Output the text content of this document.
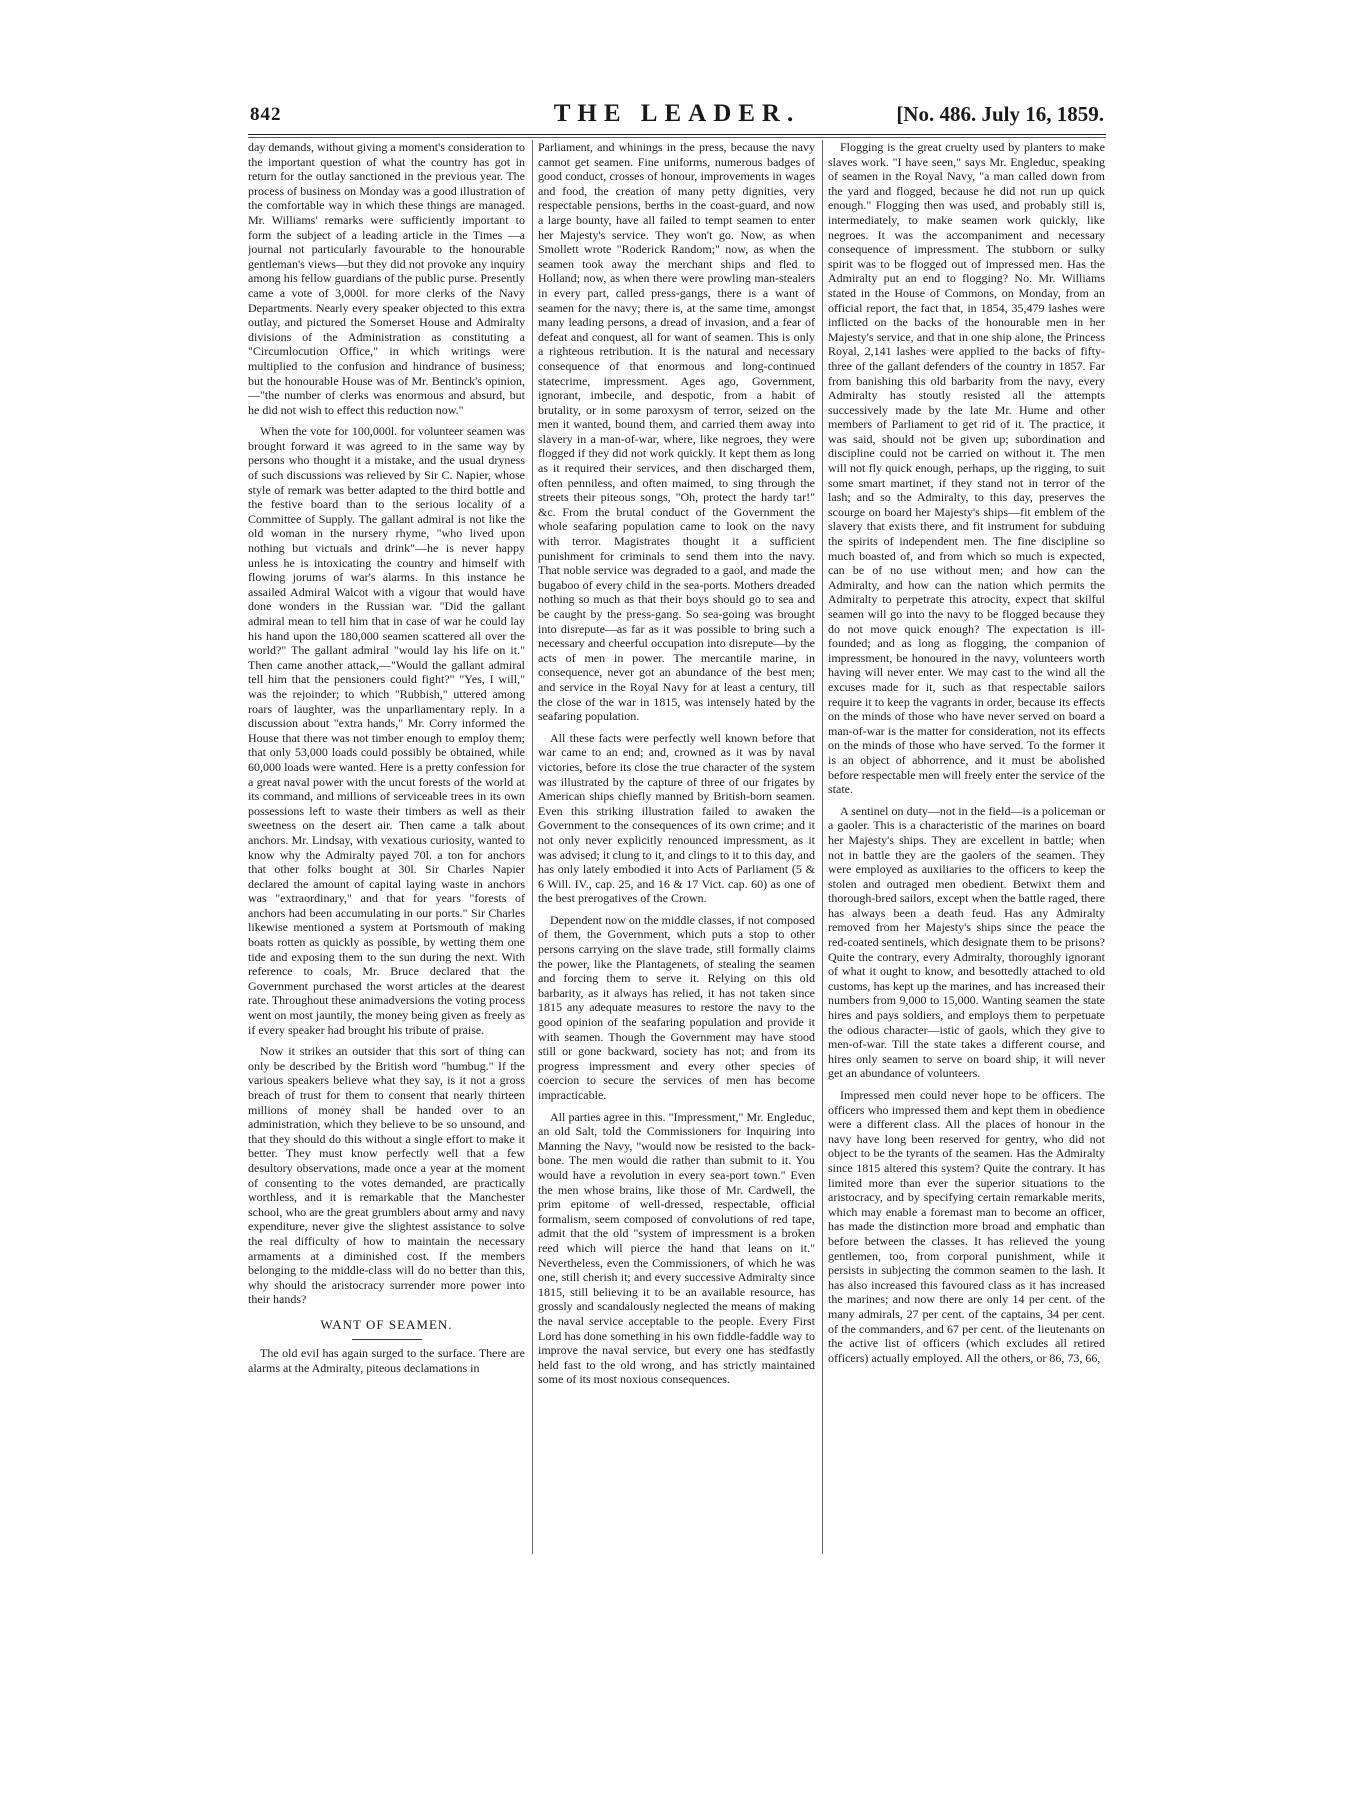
842	THE LEADER.	[No. 486. July 16, 1859.

day demands, without giving a moment's consideration to the important question of what the country has got in return for the outlay sanctioned in the previous year. The process of business on Monday was a good illustration of the comfortable way in which these things are managed. Mr. Williams' remarks were sufficiently important to form the subject of a leading article in the Times —a journal not particularly favourable to the honourable gentleman's views—but they did not provoke any inquiry among his fellow guardians of the public purse. Presently came a vote of 3,000l. for more clerks of the Navy Departments. Nearly every speaker objected to this extra outlay, and pictured the Somerset House and Admiralty divisions of the Administration as constituting a "Circumlocution Office," in which writings were multiplied to the confusion and hindrance of business; but the honourable House was of Mr. Bentinck's opinion,—"the number of clerks was enormous and absurd, but he did not wish to effect this reduction now."

When the vote for 100,000l. for volunteer seamen was brought forward it was agreed to in the same way by persons who thought it a mistake, and the usual dryness of such discussions was relieved by Sir C. Napier, whose style of remark was better adapted to the third bottle and the festive board than to the serious locality of a Committee of Supply. The gallant admiral is not like the old woman in the nursery rhyme, "who lived upon nothing but victuals and drink"—he is never happy unless he is intoxicating the country and himself with flowing jorums of war's alarms. In this instance he assailed Admiral Walcot with a vigour that would have done wonders in the Russian war. "Did the gallant admiral mean to tell him that in case of war he could lay his hand upon the 180,000 seamen scattered all over the world?" The gallant admiral "would lay his life on it." Then came another attack,—"Would the gallant admiral tell him that the pensioners could fight?" "Yes, I will," was the rejoinder; to which "Rubbish," uttered among roars of laughter, was the unparliamentary reply. In a discussion about "extra hands," Mr. Corry informed the House that there was not timber enough to employ them; that only 53,000 loads could possibly be obtained, while 60,000 loads were wanted. Here is a pretty confession for a great naval power with the uncut forests of the world at its command, and millions of serviceable trees in its own possessions left to waste their timbers as well as their sweetness on the desert air. Then came a talk about anchors. Mr. Lindsay, with vexatious curiosity, wanted to know why the Admiralty payed 70l. a ton for anchors that other folks bought at 30l. Sir Charles Napier declared the amount of capital laying waste in anchors was "extraordinary," and that for years "forests of anchors had been accumulating in our ports." Sir Charles likewise mentioned a system at Portsmouth of making boats rotten as quickly as possible, by wetting them one tide and exposing them to the sun during the next. With reference to coals, Mr. Bruce declared that the Government purchased the worst articles at the dearest rate. Throughout these animadversions the voting process went on most jauntily, the money being given as freely as if every speaker had brought his tribute of praise.

Now it strikes an outsider that this sort of thing can only be described by the British word "humbug." If the various speakers believe what they say, is it not a gross breach of trust for them to consent that nearly thirteen millions of money shall be handed over to an administration, which they believe to be so unsound, and that they should do this without a single effort to make it better. They must know perfectly well that a few desultory observations, made once a year at the moment of consenting to the votes demanded, are practically worthless, and it is remarkable that the Manchester school, who are the great grumblers about army and navy expenditure, never give the slightest assistance to solve the real difficulty of how to maintain the necessary armaments at a diminished cost. If the members belonging to the middle-class will do no better than this, why should the aristocracy surrender more power into their hands?

WANT OF SEAMEN.

The old evil has again surged to the surface. There are alarms at the Admiralty, piteous declamations in

Parliament, and whinings in the press, because the navy cannot get seamen. Fine uniforms, numerous badges of good conduct, crosses of honour, improvements in wages and food, the creation of many petty dignities, very respectable pensions, berths in the coast-guard, and now a large bounty, have all failed to tempt seamen to enter her Majesty's service. They won't go. Now, as when Smollett wrote "Roderick Random;" now, as when the seamen took away the merchant ships and fled to Holland; now, as when there were prowling man-stealers in every part, called press-gangs, there is a want of seamen for the navy; there is, at the same time, amongst many leading persons, a dread of invasion, and a fear of defeat and conquest, all for want of seamen. This is only a righteous retribution. It is the natural and necessary consequence of that enormous and long-continued statecrime, impressment. Ages ago, Government, ignorant, imbecile, and despotic, from a habit of brutality, or in some paroxysm of terror, seized on the men it wanted, bound them, and carried them away into slavery in a man-of-war, where, like negroes, they were flogged if they did not work quickly. It kept them as long as it required their services, and then discharged them, often penniless, and often maimed, to sing through the streets their piteous songs, "Oh, protect the hardy tar!" &c. From the brutal conduct of the Government the whole seafaring population came to look on the navy with terror. Magistrates thought it a sufficient punishment for criminals to send them into the navy. That noble service was degraded to a gaol, and made the bugaboo of every child in the sea-ports. Mothers dreaded nothing so much as that their boys should go to sea and be caught by the press-gang. So sea-going was brought into disrepute—as far as it was possible to bring such a necessary and cheerful occupation into disrepute—by the acts of men in power. The mercantile marine, in consequence, never got an abundance of the best men; and service in the Royal Navy for at least a century, till the close of the war in 1815, was intensely hated by the seafaring population.

All these facts were perfectly well known before that war came to an end; and, crowned as it was by naval victories, before its close the true character of the system was illustrated by the capture of three of our frigates by American ships chiefly manned by British-born seamen. Even this striking illustration failed to awaken the Government to the consequences of its own crime; and it not only never explicitly renounced impressment, as it was advised; it clung to it, and clings to it to this day, and has only lately embodied it into Acts of Parliament (5 & 6 Will. IV., cap. 25, and 16 & 17 Vict. cap. 60) as one of the best prerogatives of the Crown.

Dependent now on the middle classes, if not composed of them, the Government, which puts a stop to other persons carrying on the slave trade, still formally claims the power, like the Plantagenets, of stealing the seamen and forcing them to serve it. Relying on this old barbarity, as it always has relied, it has not taken since 1815 any adequate measures to restore the navy to the good opinion of the seafaring population and provide it with seamen. Though the Government may have stood still or gone backward, society has not; and from its progress impressment and every other species of coercion to secure the services of men has become impracticable.

All parties agree in this. "Impressment," Mr. Engleduc, an old Salt, told the Commissioners for Inquiring into Manning the Navy, "would now be resisted to the back-bone. The men would die rather than submit to it. You would have a revolution in every sea-port town." Even the men whose brains, like those of Mr. Cardwell, the prim epitome of well-dressed, respectable, official formalism, seem composed of convolutions of red tape, admit that the old "system of impressment is a broken reed which will pierce the hand that leans on it." Nevertheless, even the Commissioners, of which he was one, still cherish it; and every successive Admiralty since 1815, still believing it to be an available resource, has grossly and scandalously neglected the means of making the naval service acceptable to the people. Every First Lord has done something in his own fiddle-faddle way to improve the naval service, but every one has stedfastly held fast to the old wrong, and has strictly maintained some of its most noxious consequences.

Flogging is the great cruelty used by planters to make slaves work. "I have seen," says Mr. Engleduc, speaking of seamen in the Royal Navy, "a man called down from the yard and flogged, because he did not run up quick enough." Flogging then was used, and probably still is, intermediately, to make seamen work quickly, like negroes. It was the accompaniment and necessary consequence of impressment. The stubborn or sulky spirit was to be flogged out of impressed men. Has the Admiralty put an end to flogging? No. Mr. Williams stated in the House of Commons, on Monday, from an official report, the fact that, in 1854, 35,479 lashes were inflicted on the backs of the honourable men in her Majesty's service, and that in one ship alone, the Princess Royal, 2,141 lashes were applied to the backs of fifty-three of the gallant defenders of the country in 1857. Far from banishing this old barbarity from the navy, every Admiralty has stoutly resisted all the attempts successively made by the late Mr. Hume and other members of Parliament to get rid of it. The practice, it was said, should not be given up; subordination and discipline could not be carried on without it. The men will not fly quick enough, perhaps, up the rigging, to suit some smart martinet, if they stand not in terror of the lash; and so the Admiralty, to this day, preserves the scourge on board her Majesty's ships—fit emblem of the slavery that exists there, and fit instrument for subduing the spirits of independent men. The fine discipline so much boasted of, and from which so much is expected, can be of no use without men; and how can the Admiralty, and how can the nation which permits the Admiralty to perpetrate this atrocity, expect that skilful seamen will go into the navy to be flogged because they do not move quick enough? The expectation is ill-founded; and as long as flogging, the companion of impressment, be honoured in the navy, volunteers worth having will never enter. We may cast to the wind all the excuses made for it, such as that respectable sailors require it to keep the vagrants in order, because its effects on the minds of those who have never served on board a man-of-war is the matter for consideration, not its effects on the minds of those who have served. To the former it is an object of abhorrence, and it must be abolished before respectable men will freely enter the service of the state.

A sentinel on duty—not in the field—is a policeman or a gaoler. This is a characteristic of the marines on board her Majesty's ships. They are excellent in battle; when not in battle they are the gaolers of the seamen. They were employed as auxiliaries to the officers to keep the stolen and outraged men obedient. Betwixt them and thorough-bred sailors, except when the battle raged, there has always been a death feud. Has any Admiralty removed from her Majesty's ships since the peace the red-coated sentinels, which designate them to be prisons? Quite the contrary, every Admiralty, thoroughly ignorant of what it ought to know, and besottedly attached to old customs, has kept up the marines, and has increased their numbers from 9,000 to 15,000. Wanting seamen the state hires and pays soldiers, and employs them to perpetuate the odious character—istic of gaols, which they give to men-of-war. Till the state takes a different course, and hires only seamen to serve on board ship, it will never get an abundance of volunteers.

Impressed men could never hope to be officers. The officers who impressed them and kept them in obedience were a different class. All the places of honour in the navy have long been reserved for gentry, who did not object to be the tyrants of the seamen. Has the Admiralty since 1815 altered this system? Quite the contrary. It has limited more than ever the superior situations to the aristocracy, and by specifying certain remarkable merits, which may enable a foremast man to become an officer, has made the distinction more broad and emphatic than before between the classes. It has relieved the young gentlemen, too, from corporal punishment, while it persists in subjecting the common seamen to the lash. It has also increased this favoured class as it has increased the marines; and now there are only 14 per cent. of the many admirals, 27 per cent. of the captains, 34 per cent. of the commanders, and 67 per cent. of the lieutenants on the active list of officers (which excludes all retired officers) actually employed. All the others, or 86, 73, 66,
